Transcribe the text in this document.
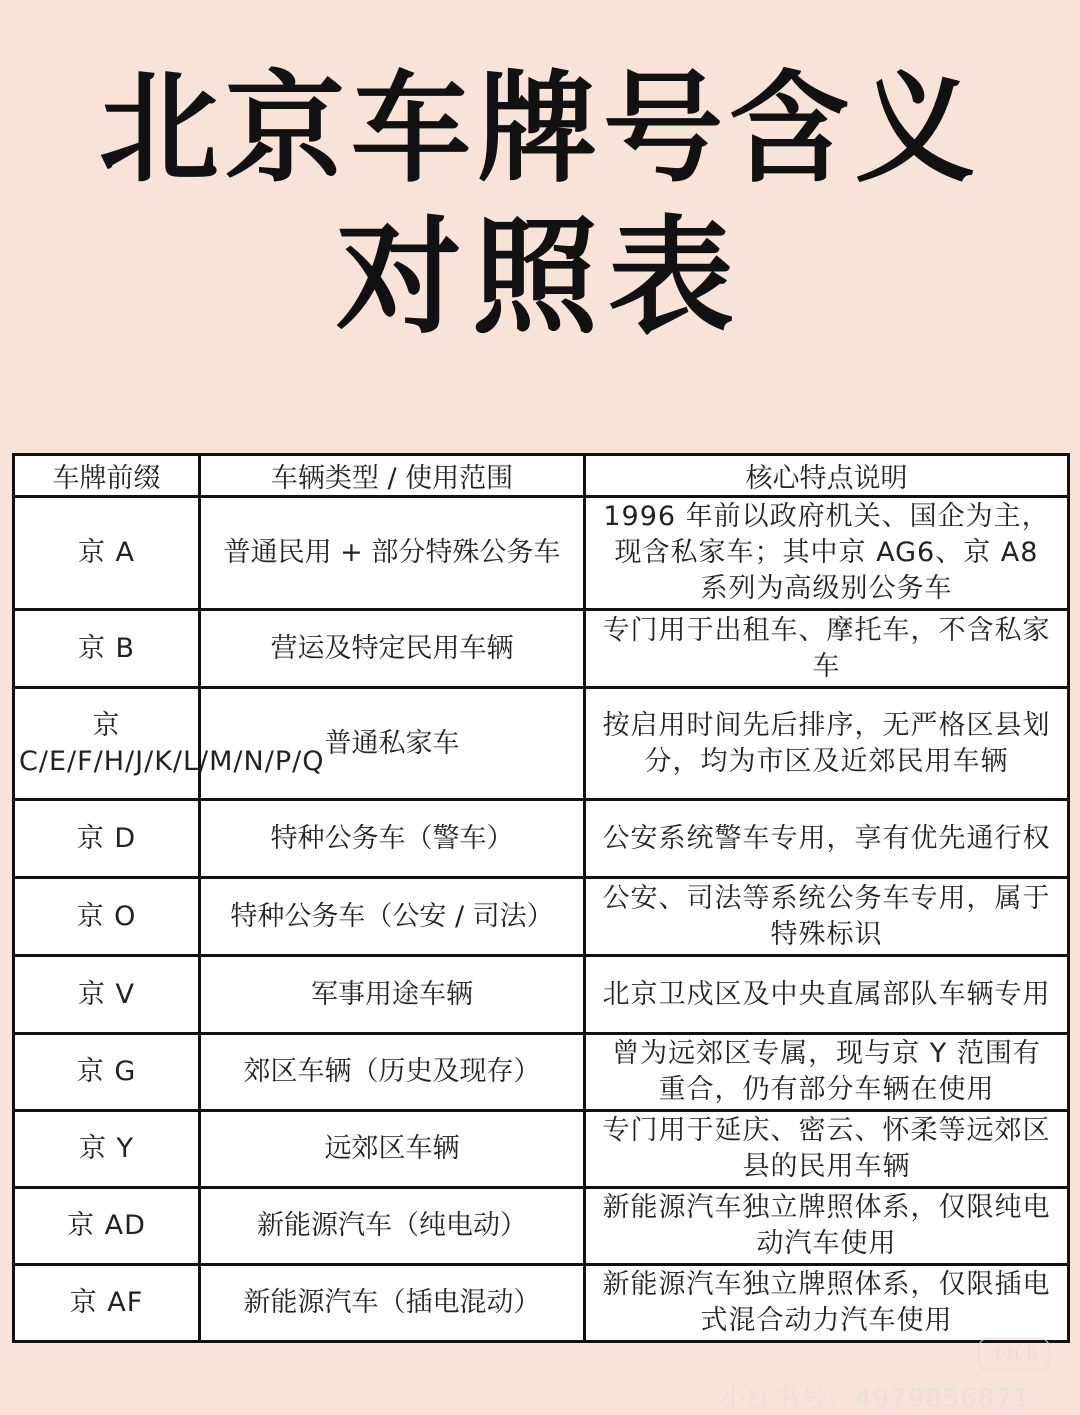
北京车牌号含义
对照表
车牌前缀	车辆类型 / 使用范围	核心特点说明
京 A	普通民用 + 部分特殊公务车	1996 年前以政府机关、国企为主，现含私家车；其中京 AG6、京 A8 系列为高级别公务车
京 B	营运及特定民用车辆	专门用于出租车、摩托车，不含私家车
京 C/E/F/H/J/K/L/M/N/P/Q	普通私家车	按启用时间先后排序，无严格区县划分，均为市区及近郊民用车辆
京 D	特种公务车（警车）	公安系统警车专用，享有优先通行权
京 O	特种公务车（公安 / 司法）	公安、司法等系统公务车专用，属于特殊标识
京 V	军事用途车辆	北京卫戍区及中央直属部队车辆专用
京 G	郊区车辆（历史及现存）	曾为远郊区专属，现与京 Y 范围有重合，仍有部分车辆在使用
京 Y	远郊区车辆	专门用于延庆、密云、怀柔等远郊区县的民用车辆
京 AD	新能源汽车（纯电动）	新能源汽车独立牌照体系，仅限纯电动汽车使用
京 AF	新能源汽车（插电混动）	新能源汽车独立牌照体系，仅限插电式混合动力汽车使用
小红书
小红书号：4979856871
